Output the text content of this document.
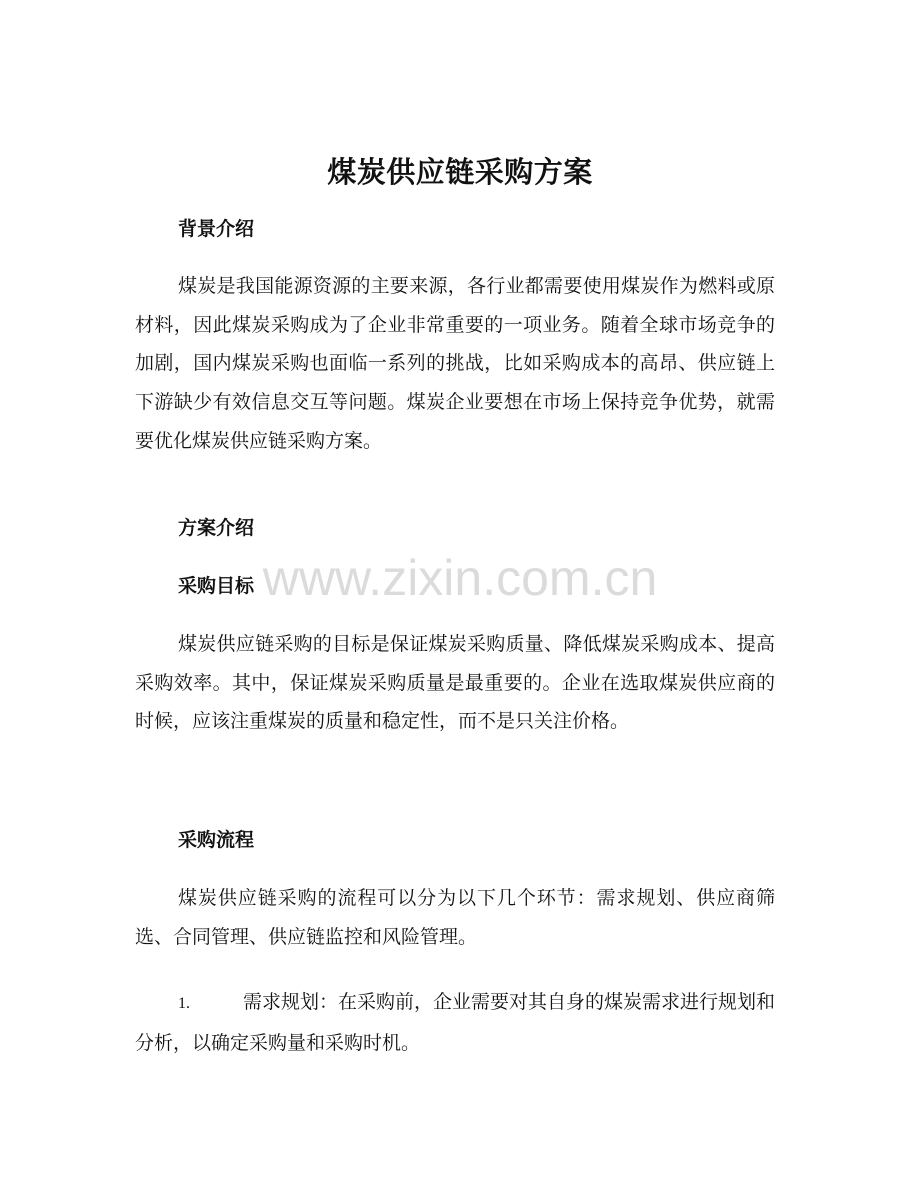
www.zixin.com.cn
煤炭供应链采购方案
背景介绍
煤炭是我国能源资源的主要来源，各行业都需要使用煤炭作为燃料或原材料，因此煤炭采购成为了企业非常重要的一项业务。随着全球市场竞争的加剧，国内煤炭采购也面临一系列的挑战，比如采购成本的高昂、供应链上下游缺少有效信息交互等问题。煤炭企业要想在市场上保持竞争优势，就需要优化煤炭供应链采购方案。
方案介绍
采购目标
煤炭供应链采购的目标是保证煤炭采购质量、降低煤炭采购成本、提高采购效率。其中，保证煤炭采购质量是最重要的。企业在选取煤炭供应商的时候，应该注重煤炭的质量和稳定性，而不是只关注价格。
采购流程
煤炭供应链采购的流程可以分为以下几个环节：需求规划、供应商筛选、合同管理、供应链监控和风险管理。
1.	需求规划：在采购前，企业需要对其自身的煤炭需求进行规划和分析，以确定采购量和采购时机。
